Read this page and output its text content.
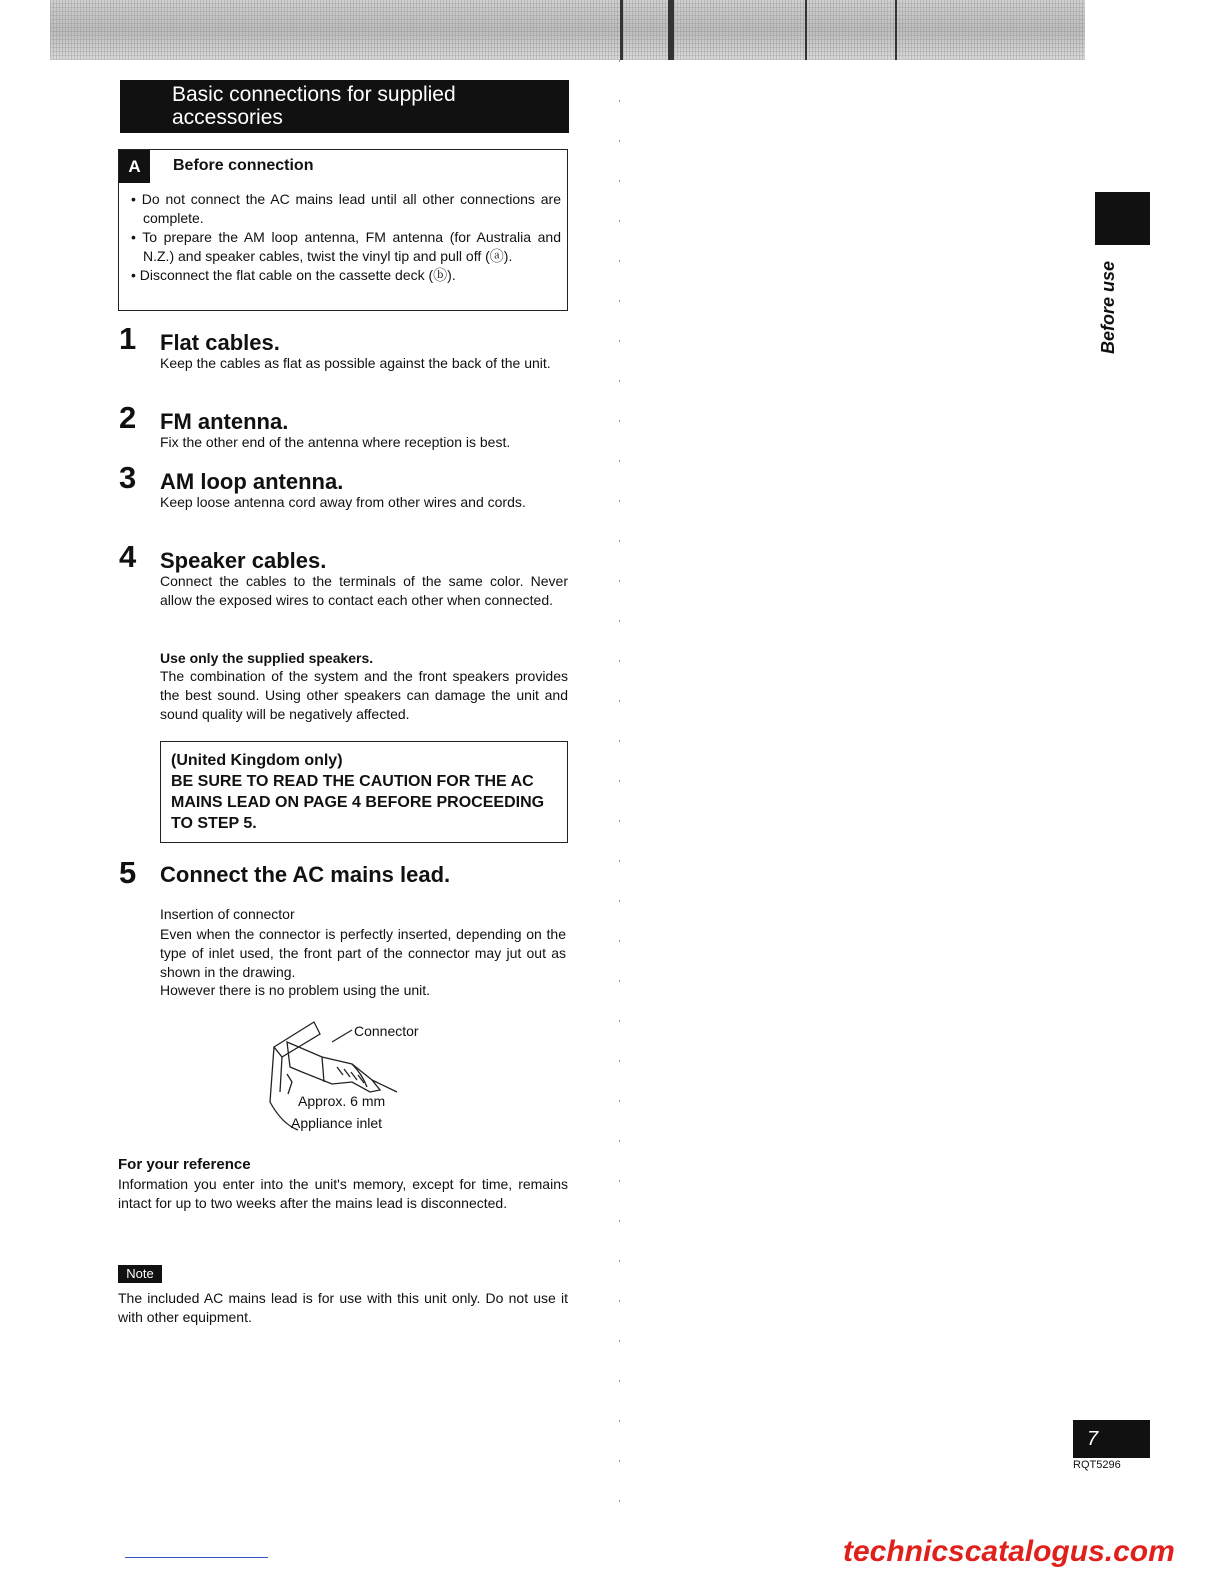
Basic connections for supplied accessories
A	Before connection
• Do not connect the AC mains lead until all other connections are complete.
• To prepare the AM loop antenna, FM antenna (for Australia and N.Z.) and speaker cables, twist the vinyl tip and pull off (ⓐ).
• Disconnect the flat cable on the cassette deck (ⓑ).
1 Flat cables.
Keep the cables as flat as possible against the back of the unit.
2 FM antenna.
Fix the other end of the antenna where reception is best.
3 AM loop antenna.
Keep loose antenna cord away from other wires and cords.
4 Speaker cables.
Connect the cables to the terminals of the same color. Never allow the exposed wires to contact each other when connected.
Use only the supplied speakers.
The combination of the system and the front speakers provides the best sound. Using other speakers can damage the unit and sound quality will be negatively affected.
(United Kingdom only)
BE SURE TO READ THE CAUTION FOR THE AC MAINS LEAD ON PAGE 4 BEFORE PROCEEDING TO STEP 5.
5 Connect the AC mains lead.
Insertion of connector
Even when the connector is perfectly inserted, depending on the type of inlet used, the front part of the connector may jut out as shown in the drawing.
However there is no problem using the unit.
Connector
Approx. 6 mm
Appliance inlet
For your reference
Information you enter into the unit's memory, except for time, remains intact for up to two weeks after the mains lead is disconnected.
Note
The included AC mains lead is for use with this unit only. Do not use it with other equipment.
Before use
7
RQT5296
technicscatalogus.com
